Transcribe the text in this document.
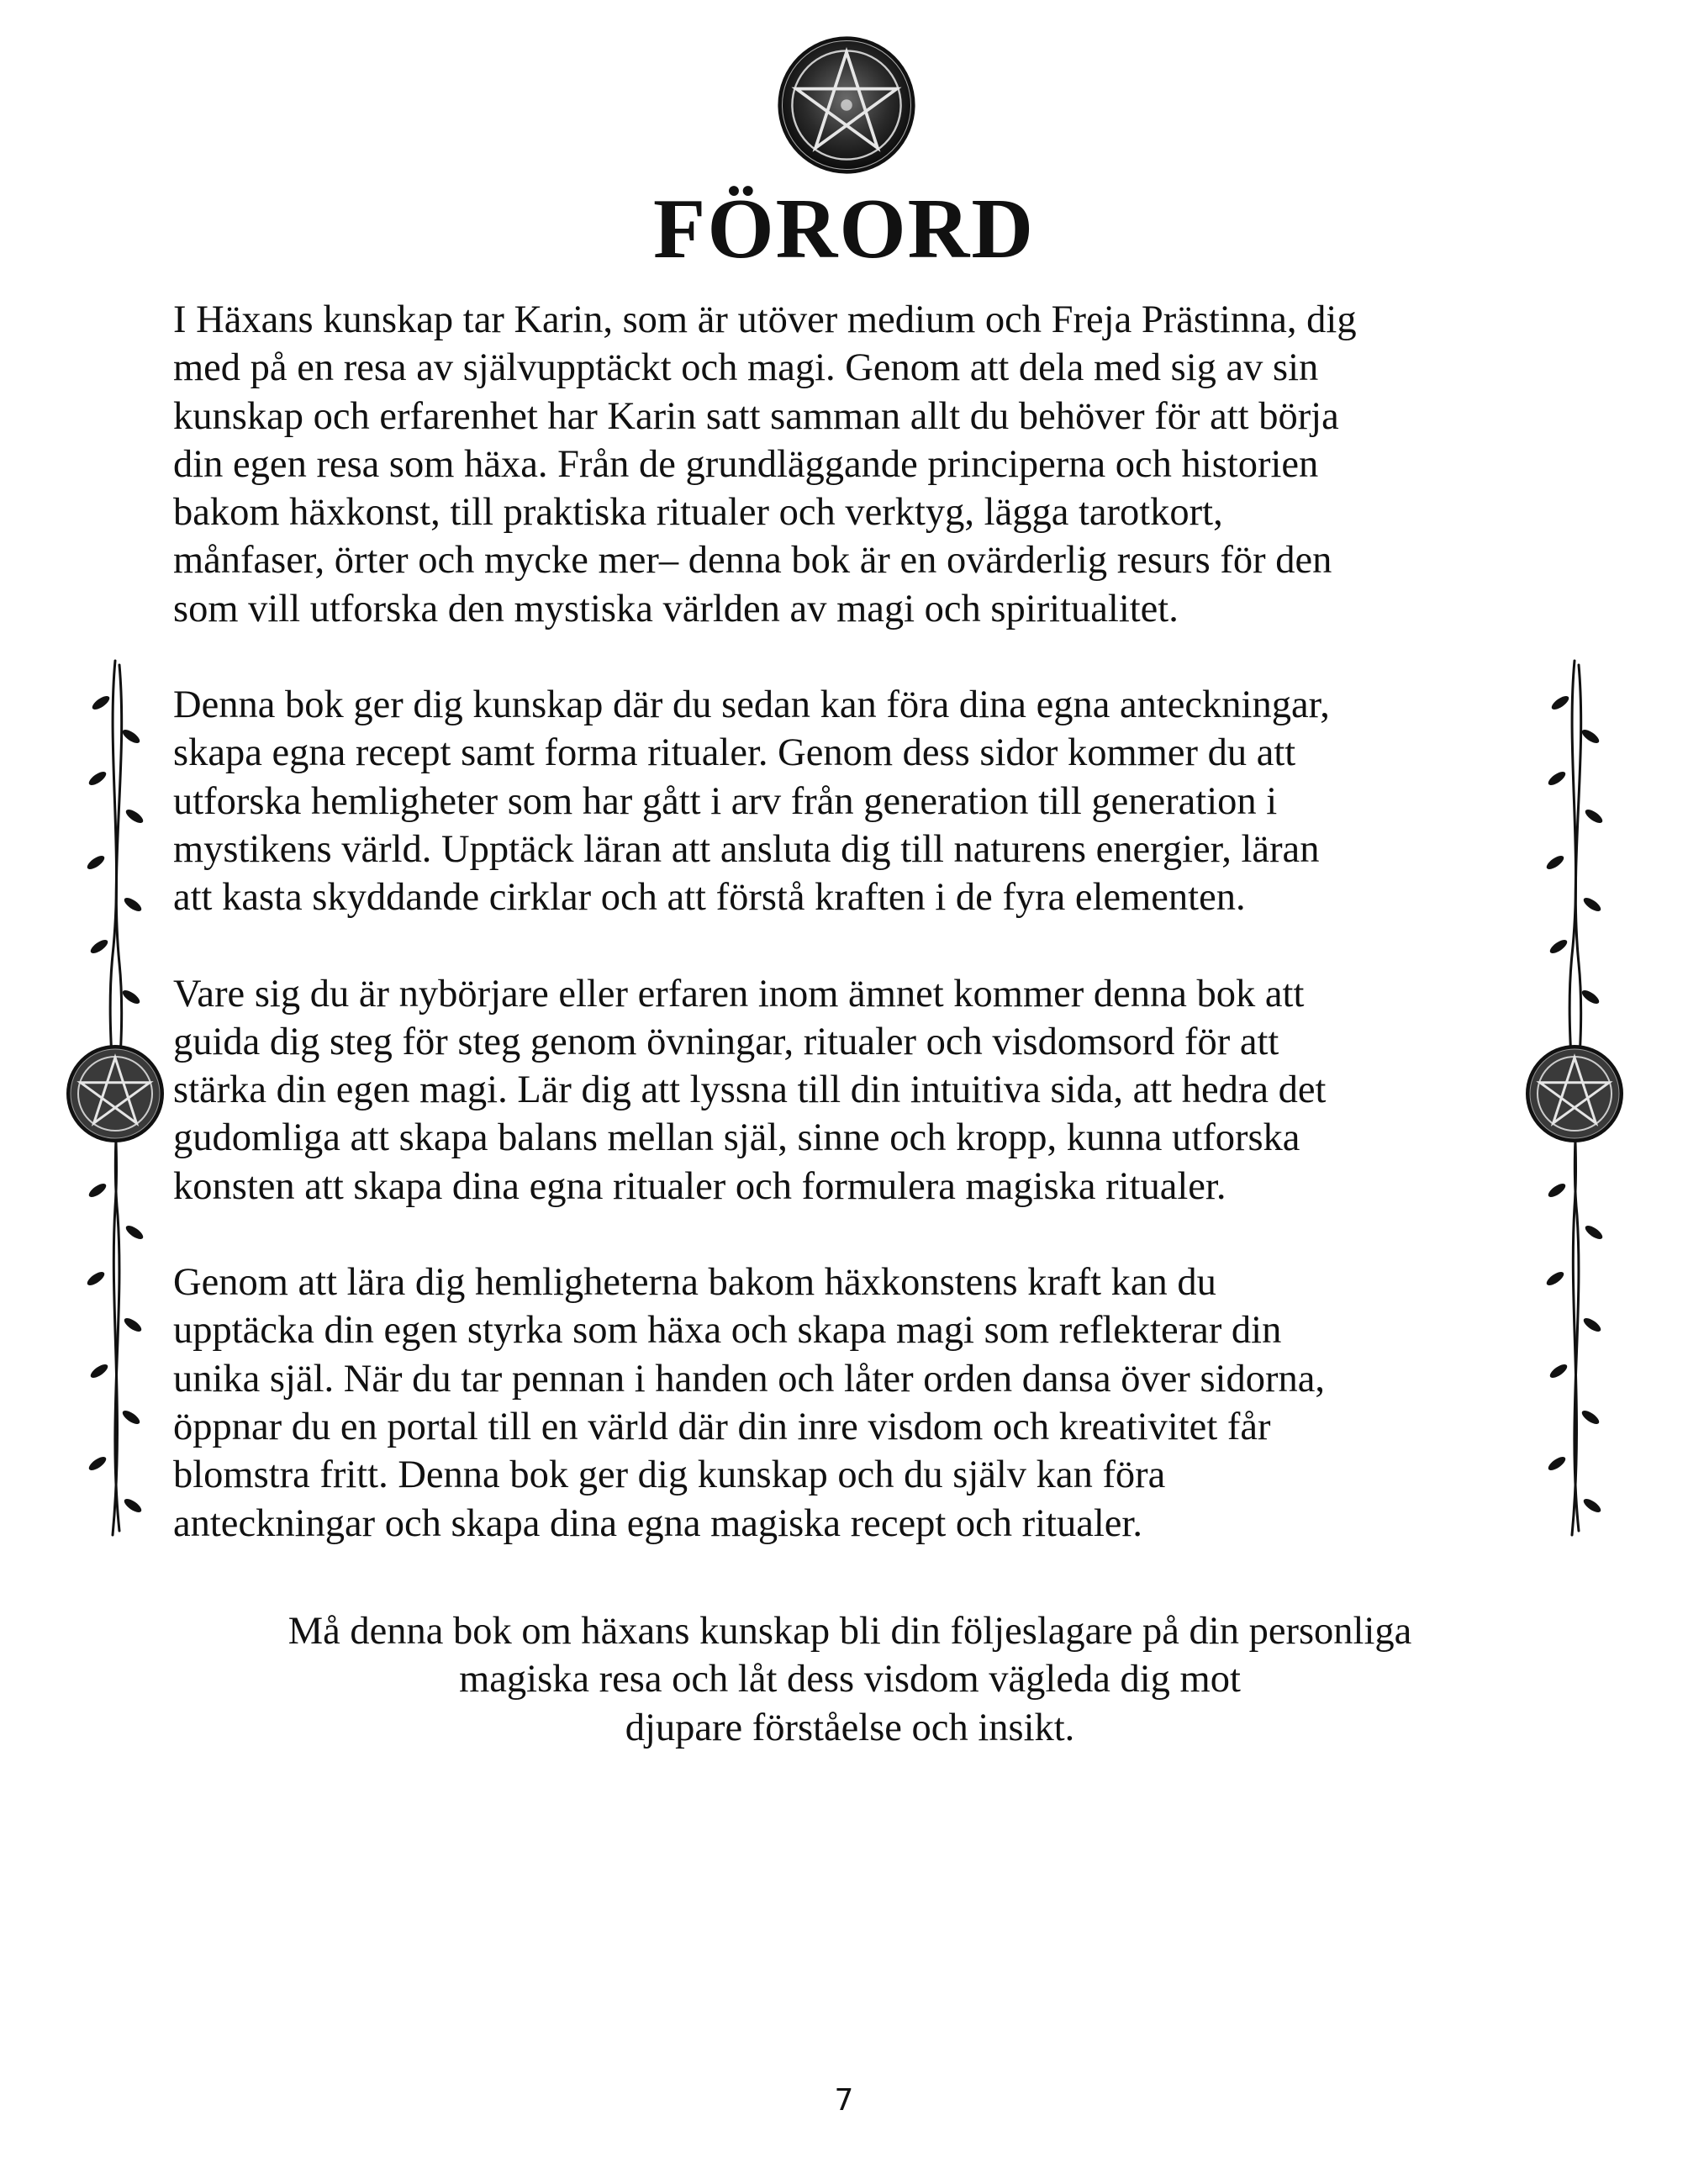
FÖRORD

I Häxans kunskap tar Karin, som är utöver medium och Freja Prästinna, dig
med på en resa av självupptäckt och magi. Genom att dela med sig av sin
kunskap och erfarenhet har Karin satt samman allt du behöver för att börja
din egen resa som häxa. Från de grundläggande principerna och historien
bakom häxkonst, till praktiska ritualer och verktyg, lägga tarotkort,
månfaser, örter och mycke mer– denna bok är en ovärderlig resurs för den
som vill utforska den mystiska världen av magi och spiritualitet.

Denna bok ger dig kunskap där du sedan kan föra dina egna anteckningar,
skapa egna recept samt forma ritualer. Genom dess sidor kommer du att
utforska hemligheter som har gått i arv från generation till generation i
mystikens värld. Upptäck läran att ansluta dig till naturens energier, läran
att kasta skyddande cirklar och att förstå kraften i de fyra elementen.

Vare sig du är nybörjare eller erfaren inom ämnet kommer denna bok att
guida dig steg för steg genom övningar, ritualer och visdomsord för att
stärka din egen magi. Lär dig att lyssna till din intuitiva sida, att hedra det
gudomliga att skapa balans mellan själ, sinne och kropp, kunna utforska
konsten att skapa dina egna ritualer och formulera magiska ritualer.

Genom att lära dig hemligheterna bakom häxkonstens kraft kan du
upptäcka din egen styrka som häxa och skapa magi som reflekterar din
unika själ. När du tar pennan i handen och låter orden dansa över sidorna,
öppnar du en portal till en värld där din inre visdom och kreativitet får
blomstra fritt. Denna bok ger dig kunskap och du själv kan föra
anteckningar och skapa dina egna magiska recept och ritualer.

Må denna bok om häxans kunskap bli din följeslagare på din personliga
magiska resa och låt dess visdom vägleda dig mot
djupare förståelse och insikt.

7
